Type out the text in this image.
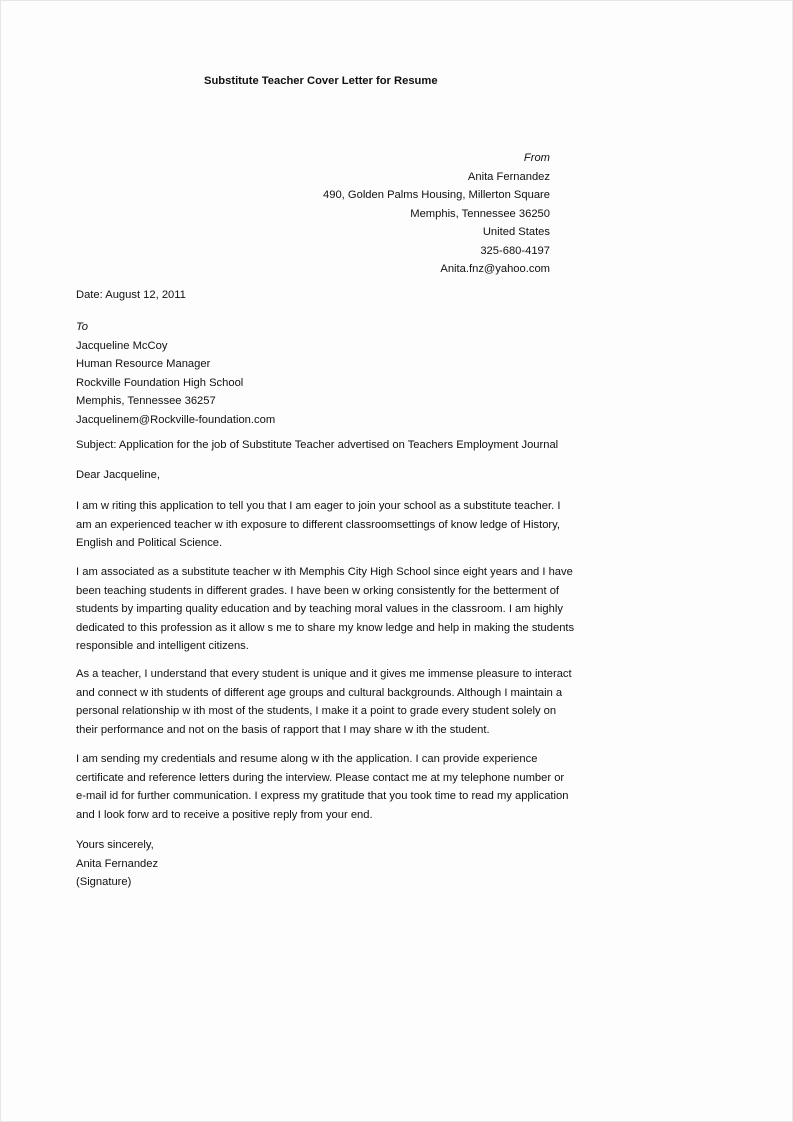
Substitute Teacher Cover Letter for Resume
From
Anita Fernandez
490, Golden Palms Housing, Millerton Square
Memphis, Tennessee 36250
United States
325-680-4197
Anita.fnz@yahoo.com
Date: August 12, 2011
To
Jacqueline McCoy
Human Resource Manager
Rockville Foundation High School
Memphis, Tennessee 36257
Jacquelinem@Rockville-foundation.com
Subject: Application for the job of Substitute Teacher advertised on Teachers Employment Journal
Dear Jacqueline,
I am w riting this application to tell you that I am eager to join your school as a substitute teacher. I
am an experienced teacher w ith exposure to different classroomsettings of know ledge of History,
English and Political Science.
I am associated as a substitute teacher w ith Memphis City High School since eight years and I have
been teaching students in different grades. I have been w orking consistently for the betterment of
students by imparting quality education and by teaching moral values in the classroom. I am highly
dedicated to this profession as it allow s me to share my know ledge and help in making the students
responsible and intelligent citizens.
As a teacher, I understand that every student is unique and it gives me immense pleasure to interact
and connect w ith students of different age groups and cultural backgrounds. Although I maintain a
personal relationship w ith most of the students, I make it a point to grade every student solely on
their performance and not on the basis of rapport that I may share w ith the student.
I am sending my credentials and resume along w ith the application. I can provide experience
certificate and reference letters during the interview. Please contact me at my telephone number or
e-mail id for further communication. I express my gratitude that you took time to read my application
and I look forw ard to receive a positive reply from your end.
Yours sincerely,
Anita Fernandez
(Signature)
